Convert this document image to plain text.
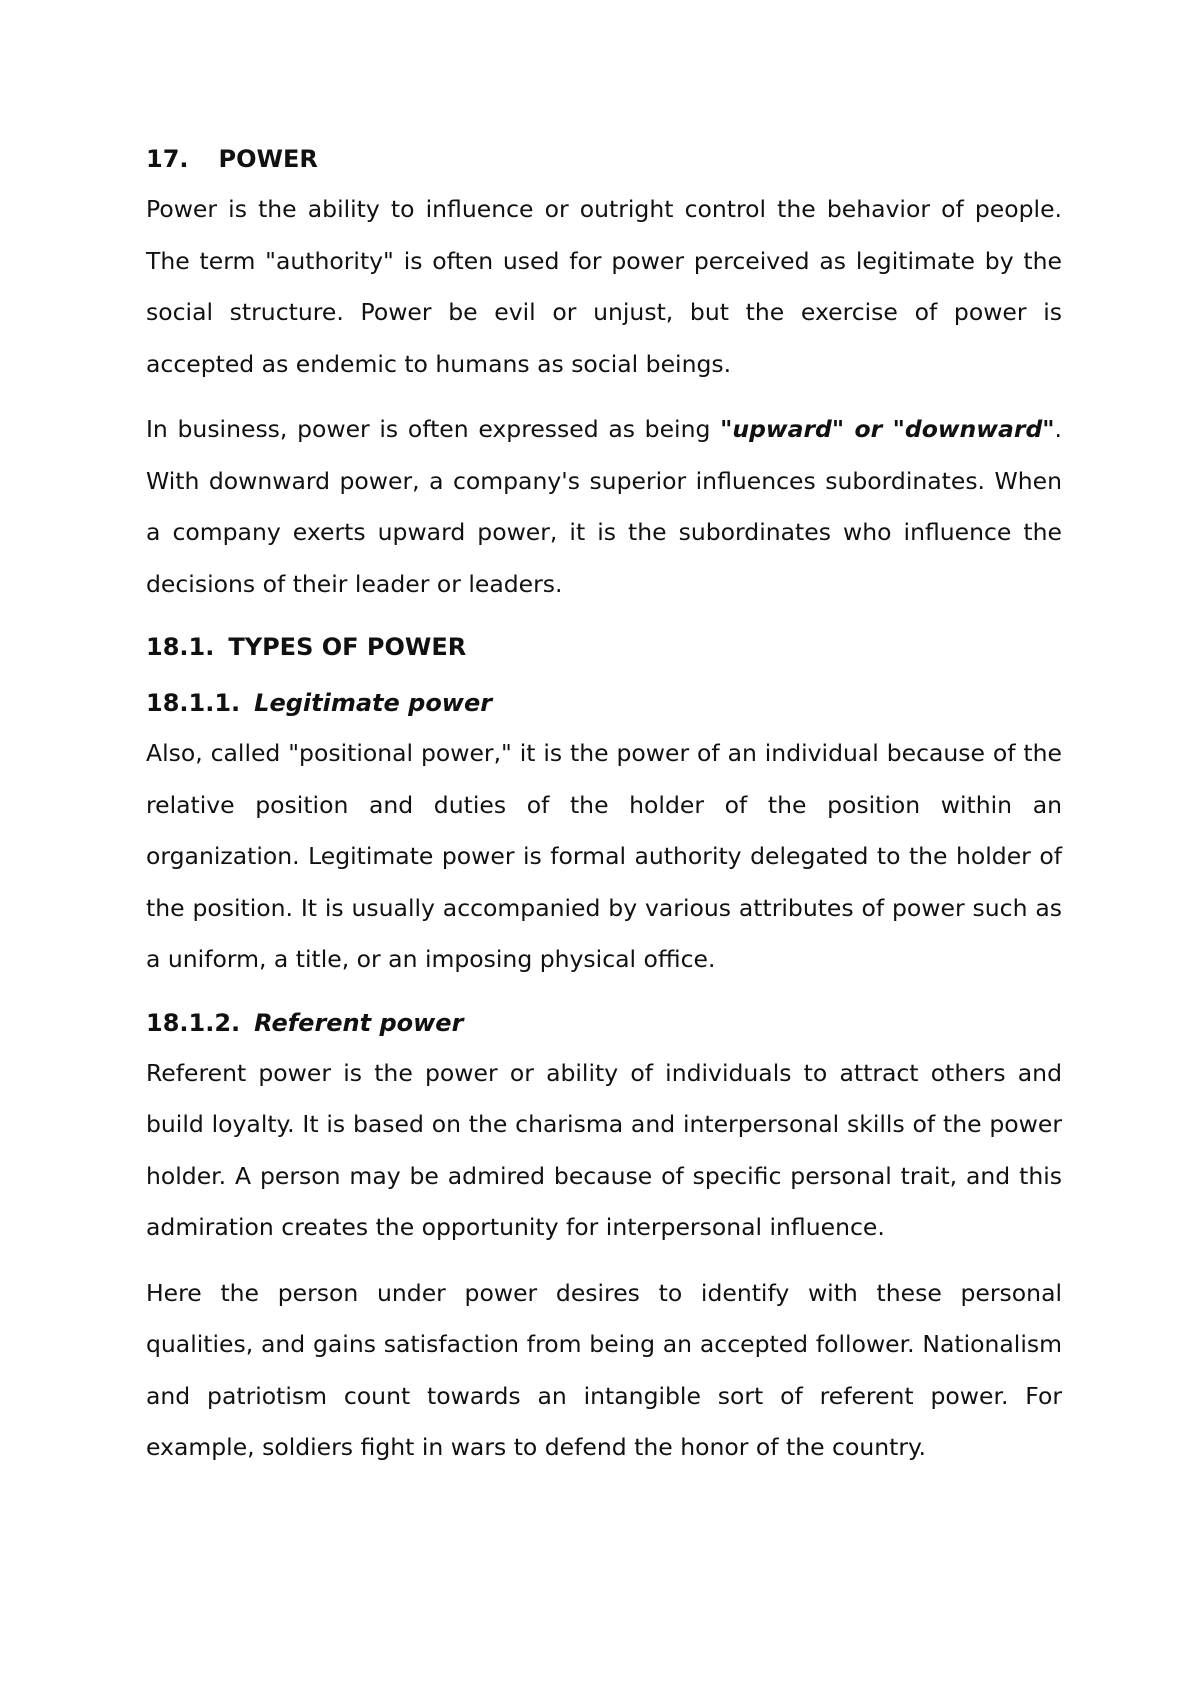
17. POWER

Power is the ability to influence or outright control the behavior of people. The term "authority" is often used for power perceived as legitimate by the social structure. Power be evil or unjust, but the exercise of power is accepted as endemic to humans as social beings.

In business, power is often expressed as being "upward" or "downward". With downward power, a company's superior influences subordinates. When a company exerts upward power, it is the subordinates who influence the decisions of their leader or leaders.

18.1. TYPES OF POWER
18.1.1. Legitimate power

Also, called "positional power," it is the power of an individual because of the relative position and duties of the holder of the position within an organization. Legitimate power is formal authority delegated to the holder of the position. It is usually accompanied by various attributes of power such as a uniform, a title, or an imposing physical office.

18.1.2. Referent power

Referent power is the power or ability of individuals to attract others and build loyalty. It is based on the charisma and interpersonal skills of the power holder. A person may be admired because of specific personal trait, and this admiration creates the opportunity for interpersonal influence.

Here the person under power desires to identify with these personal qualities, and gains satisfaction from being an accepted follower. Nationalism and patriotism count towards an intangible sort of referent power. For example, soldiers fight in wars to defend the honor of the country.
